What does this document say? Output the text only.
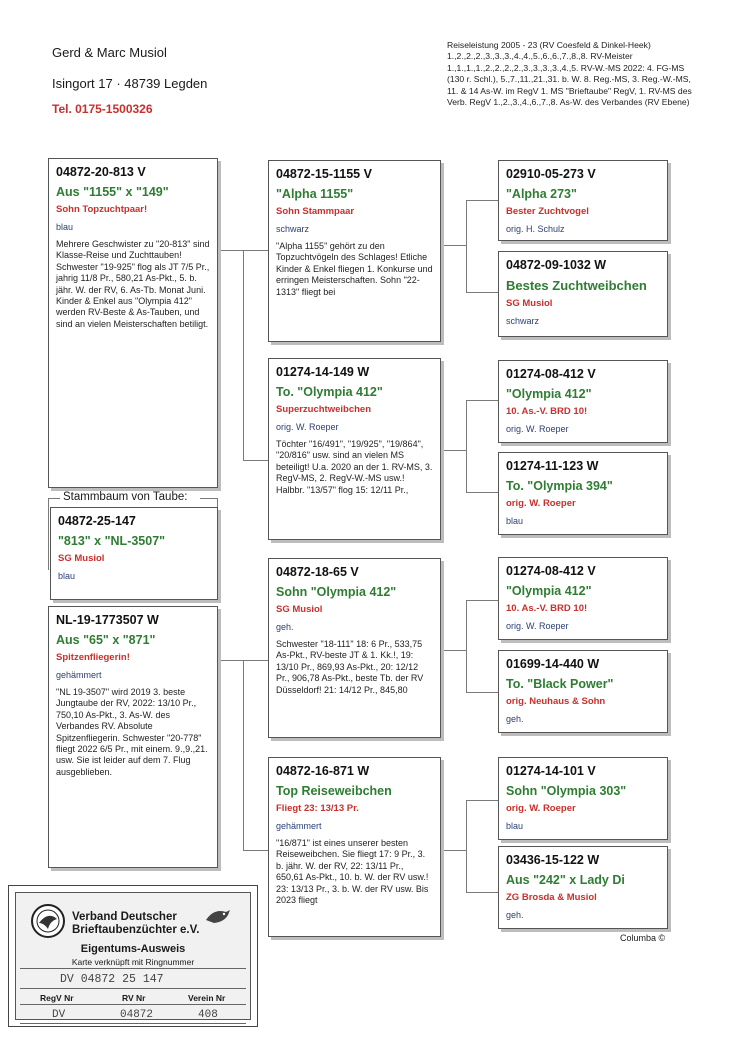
Gerd & Marc Musiol
Isingort 17 · 48739 Legden
Tel. 0175-1500326
Reiseleistung 2005 - 23 (RV Coesfeld & Dinkel-Heek) 1.,2.,2.,2.,3.,3.,3.,4.,4.,5.,6.,6.,7.,8.,8. RV-Meister 1.,1.,1.,1.,2.,2.,2.,2.,3.,3.,3.,3.,4.,5. RV-W.-MS 2022: 4. FG-MS (130 r. Schl.), 5.,7.,11.,21.,31. b. W. 8. Reg.-MS, 3. Reg.-W.-MS, 11. & 14 As-W. im RegV 1. MS "Brieftaube" RegV, 1. RV-MS des Verb. RegV 1.,2.,3.,4.,6.,7.,8. As-W. des Verbandes (RV Ebene)
Stammbaum von Taube:
04872-25-147
"813" x "NL-3507"
SG Musiol
blau
04872-20-813 V
Aus "1155" x "149"
Sohn Topzuchtpaar!
blau
Mehrere Geschwister zu "20-813" sind Klasse-Reise und Zuchttauben! Schwester "19-925" flog als JT 7/5 Pr., jahrig 11/8 Pr., 580,21 As-Pkt., 5. b. jähr. W. der RV, 6. As-Tb. Monat Juni. Kinder & Enkel aus "Olympia 412" werden RV-Beste & As-Tauben, und sind an vielen Meisterschaften betiligt.
NL-19-1773507 W
Aus "65" x "871"
Spitzenfliegerin!
gehämmert
"NL 19-3507" wird 2019 3. beste Jungtaube der RV, 2022: 13/10 Pr., 750,10 As-Pkt., 3. As-W. des Verbandes RV. Absolute Spitzenfliegerin. Schwester "20-778" fliegt 2022 6/5 Pr., mit einem. 9.,9.,21. usw. Sie ist leider auf dem 7. Flug ausgeblieben.
04872-15-1155 V
"Alpha 1155"
Sohn Stammpaar
schwarz
"Alpha 1155" gehört zu den Topzuchtvögeln des Schlages! Etliche Kinder & Enkel fliegen 1. Konkurse und erringen Meisterschaften. Sohn "22-1313" fliegt bei
01274-14-149 W
To. "Olympia 412"
Superzuchtweibchen
orig. W. Roeper
Töchter "16/491", "19/925", "19/864", "20/816" usw. sind an vielen MS beteiligt! U.a. 2020 an der 1. RV-MS, 3. RegV-MS, 2. RegV-W.-MS usw.! Halbbr. "13/57" flog 15: 12/11 Pr.,
04872-18-65 V
Sohn "Olympia 412"
SG Musiol
geh.
Schwester "18-111" 18: 6 Pr., 533,75 As-Pkt., RV-beste JT & 1. Kk.!, 19: 13/10 Pr., 869,93 As-Pkt., 20: 12/12 Pr., 906,78 As-Pkt., beste Tb. der RV Düsseldorf! 21: 14/12 Pr., 845,80
04872-16-871 W
Top Reiseweibchen
Fliegt 23: 13/13 Pr.
gehämmert
"16/871" ist eines unserer besten Reiseweibchen. Sie fliegt 17: 9 Pr., 3. b. jähr. W. der RV, 22: 13/11 Pr., 650,61 As-Pkt., 10. b. W. der RV usw.! 23: 13/13 Pr., 3. b. W. der RV usw. Bis 2023 fliegt
02910-05-273 V
"Alpha 273"
Bester Zuchtvogel
orig. H. Schulz
04872-09-1032 W
Bestes Zuchtweibchen
SG Musiol
schwarz
01274-08-412 V
"Olympia 412"
10. As.-V. BRD 10!
orig. W. Roeper
01274-11-123 W
To. "Olympia 394"
orig. W. Roeper
blau
01274-08-412 V
"Olympia 412"
10. As.-V. BRD 10!
orig. W. Roeper
01699-14-440 W
To. "Black Power"
orig. Neuhaus & Sohn
geh.
01274-14-101 V
Sohn "Olympia 303"
orig. W. Roeper
blau
03436-15-122 W
Aus "242" x Lady Di
ZG Brosda & Musiol
geh.
Verband Deutscher
Brieftaubenzüchter e.V.
Eigentums-Ausweis
Karte verknüpft mit Ringnummer
DV 04872 25 147
RegV Nr	RV Nr	Verein Nr
DV	04872	408
Columba ©
